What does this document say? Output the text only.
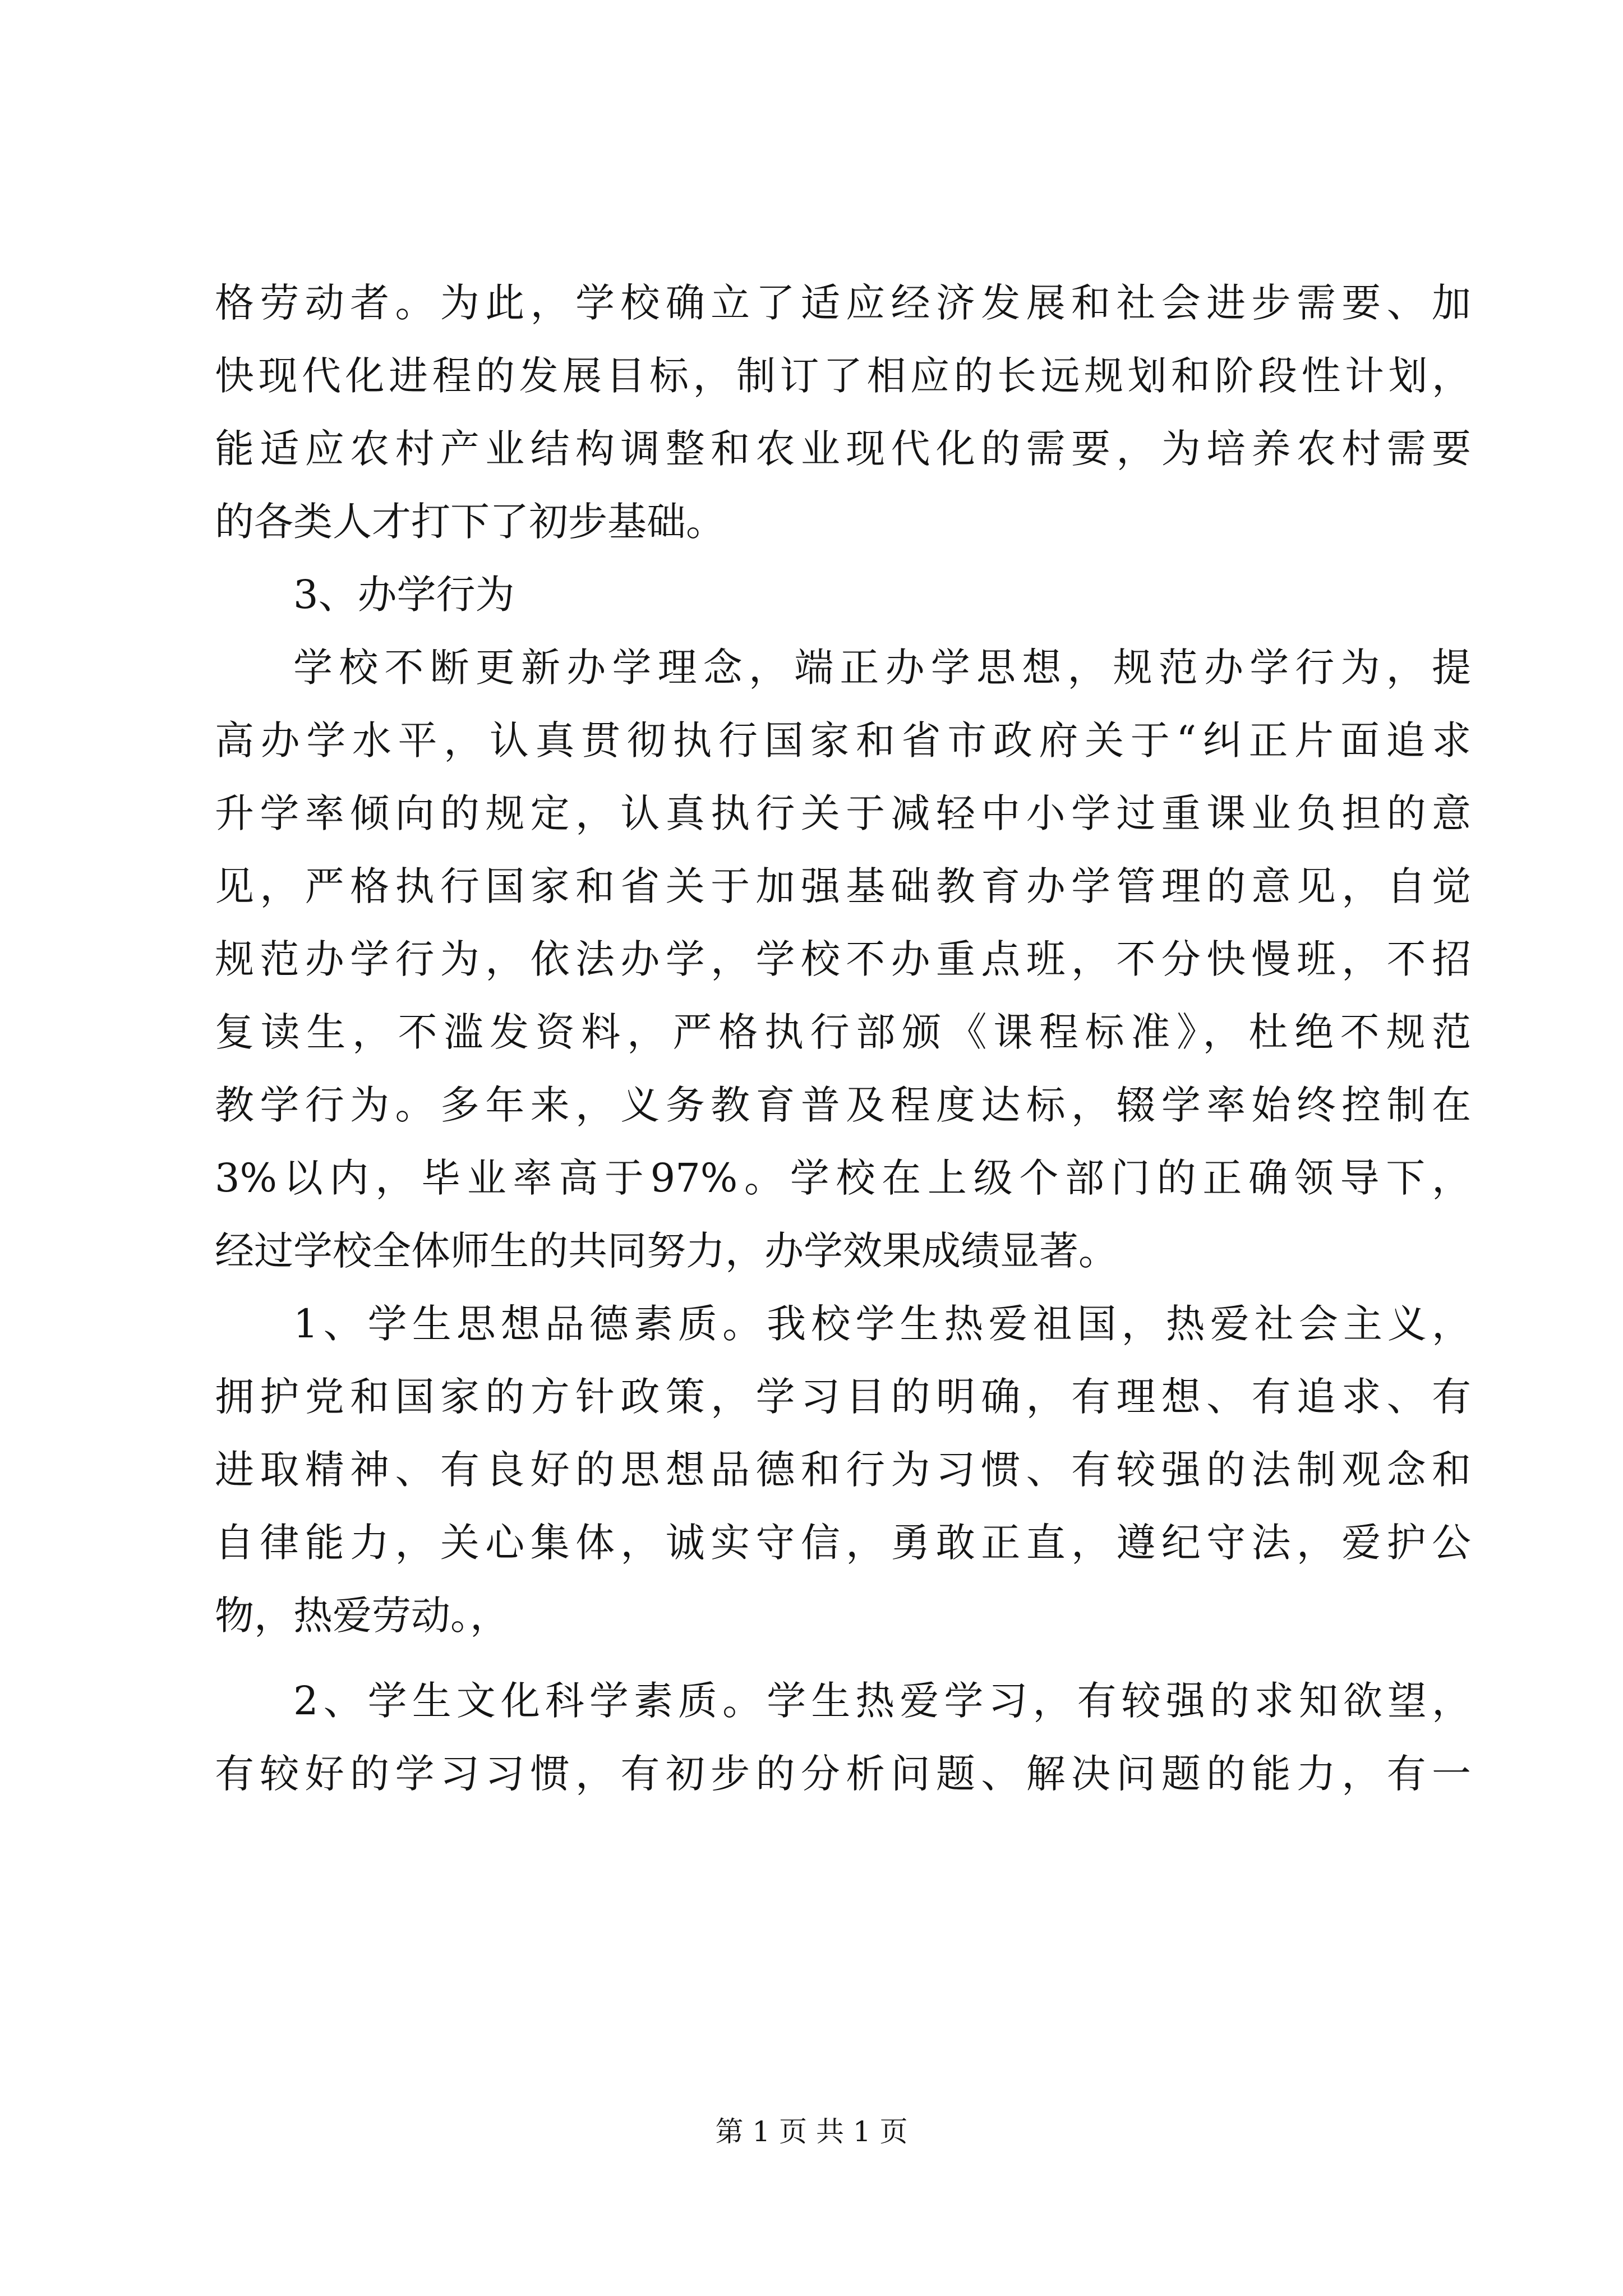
格劳动者。为此，学校确立了适应经济发展和社会进步需要、加

快现代化进程的发展目标，制订了相应的长远规划和阶段性计划，

能适应农村产业结构调整和农业现代化的需要，为培养农村需要

的各类人才打下了初步基础。

3、办学行为

学校不断更新办学理念，端正办学思想，规范办学行为，提

高办学水平，认真贯彻执行国家和省市政府关于“纠正片面追求

升学率倾向的规定，认真执行关于减轻中小学过重课业负担的意

见，严格执行国家和省关于加强基础教育办学管理的意见，自觉

规范办学行为，依法办学，学校不办重点班，不分快慢班，不招

复读生，不滥发资料，严格执行部颁《课程标准》，杜绝不规范

教学行为。多年来，义务教育普及程度达标，辍学率始终控制在

3%以内，毕业率高于97%。学校在上级个部门的正确领导下，

经过学校全体师生的共同努力，办学效果成绩显著。

1、学生思想品德素质。我校学生热爱祖国，热爱社会主义，

拥护党和国家的方针政策，学习目的明确，有理想、有追求、有

进取精神、有良好的思想品德和行为习惯、有较强的法制观念和

自律能力，关心集体，诚实守信，勇敢正直，遵纪守法，爱护公

物，热爱劳动。，

2、学生文化科学素质。学生热爱学习，有较强的求知欲望，

有较好的学习习惯，有初步的分析问题、解决问题的能力，有一

第 1 页 共 1 页
